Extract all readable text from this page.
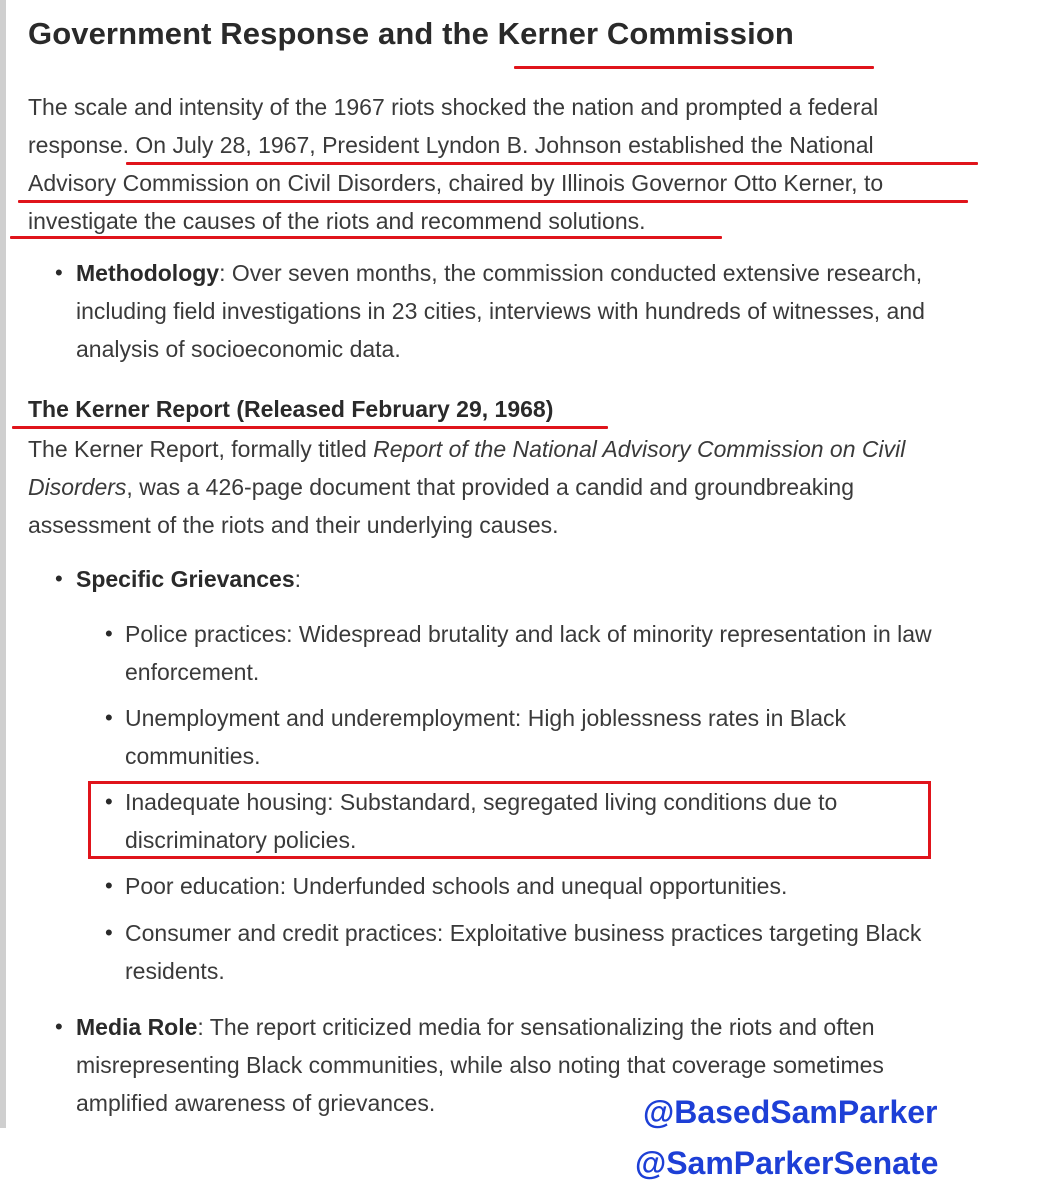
Government Response and the Kerner Commission

The scale and intensity of the 1967 riots shocked the nation and prompted a federal

response. On July 28, 1967, President Lyndon B. Johnson established the National

Advisory Commission on Civil Disorders, chaired by Illinois Governor Otto Kerner, to

investigate the causes of the riots and recommend solutions.

• Methodology: Over seven months, the commission conducted extensive research,

including field investigations in 23 cities, interviews with hundreds of witnesses, and

analysis of socioeconomic data.

The Kerner Report (Released February 29, 1968)

The Kerner Report, formally titled Report of the National Advisory Commission on Civil

Disorders, was a 426-page document that provided a candid and groundbreaking

assessment of the riots and their underlying causes.

• Specific Grievances:

• Police practices: Widespread brutality and lack of minority representation in law

enforcement.

• Unemployment and underemployment: High joblessness rates in Black

communities.

• Inadequate housing: Substandard, segregated living conditions due to

discriminatory policies.

• Poor education: Underfunded schools and unequal opportunities.

• Consumer and credit practices: Exploitative business practices targeting Black

residents.

• Media Role: The report criticized media for sensationalizing the riots and often

misrepresenting Black communities, while also noting that coverage sometimes

amplified awareness of grievances.	@BasedSamParker
@SamParkerSenate
